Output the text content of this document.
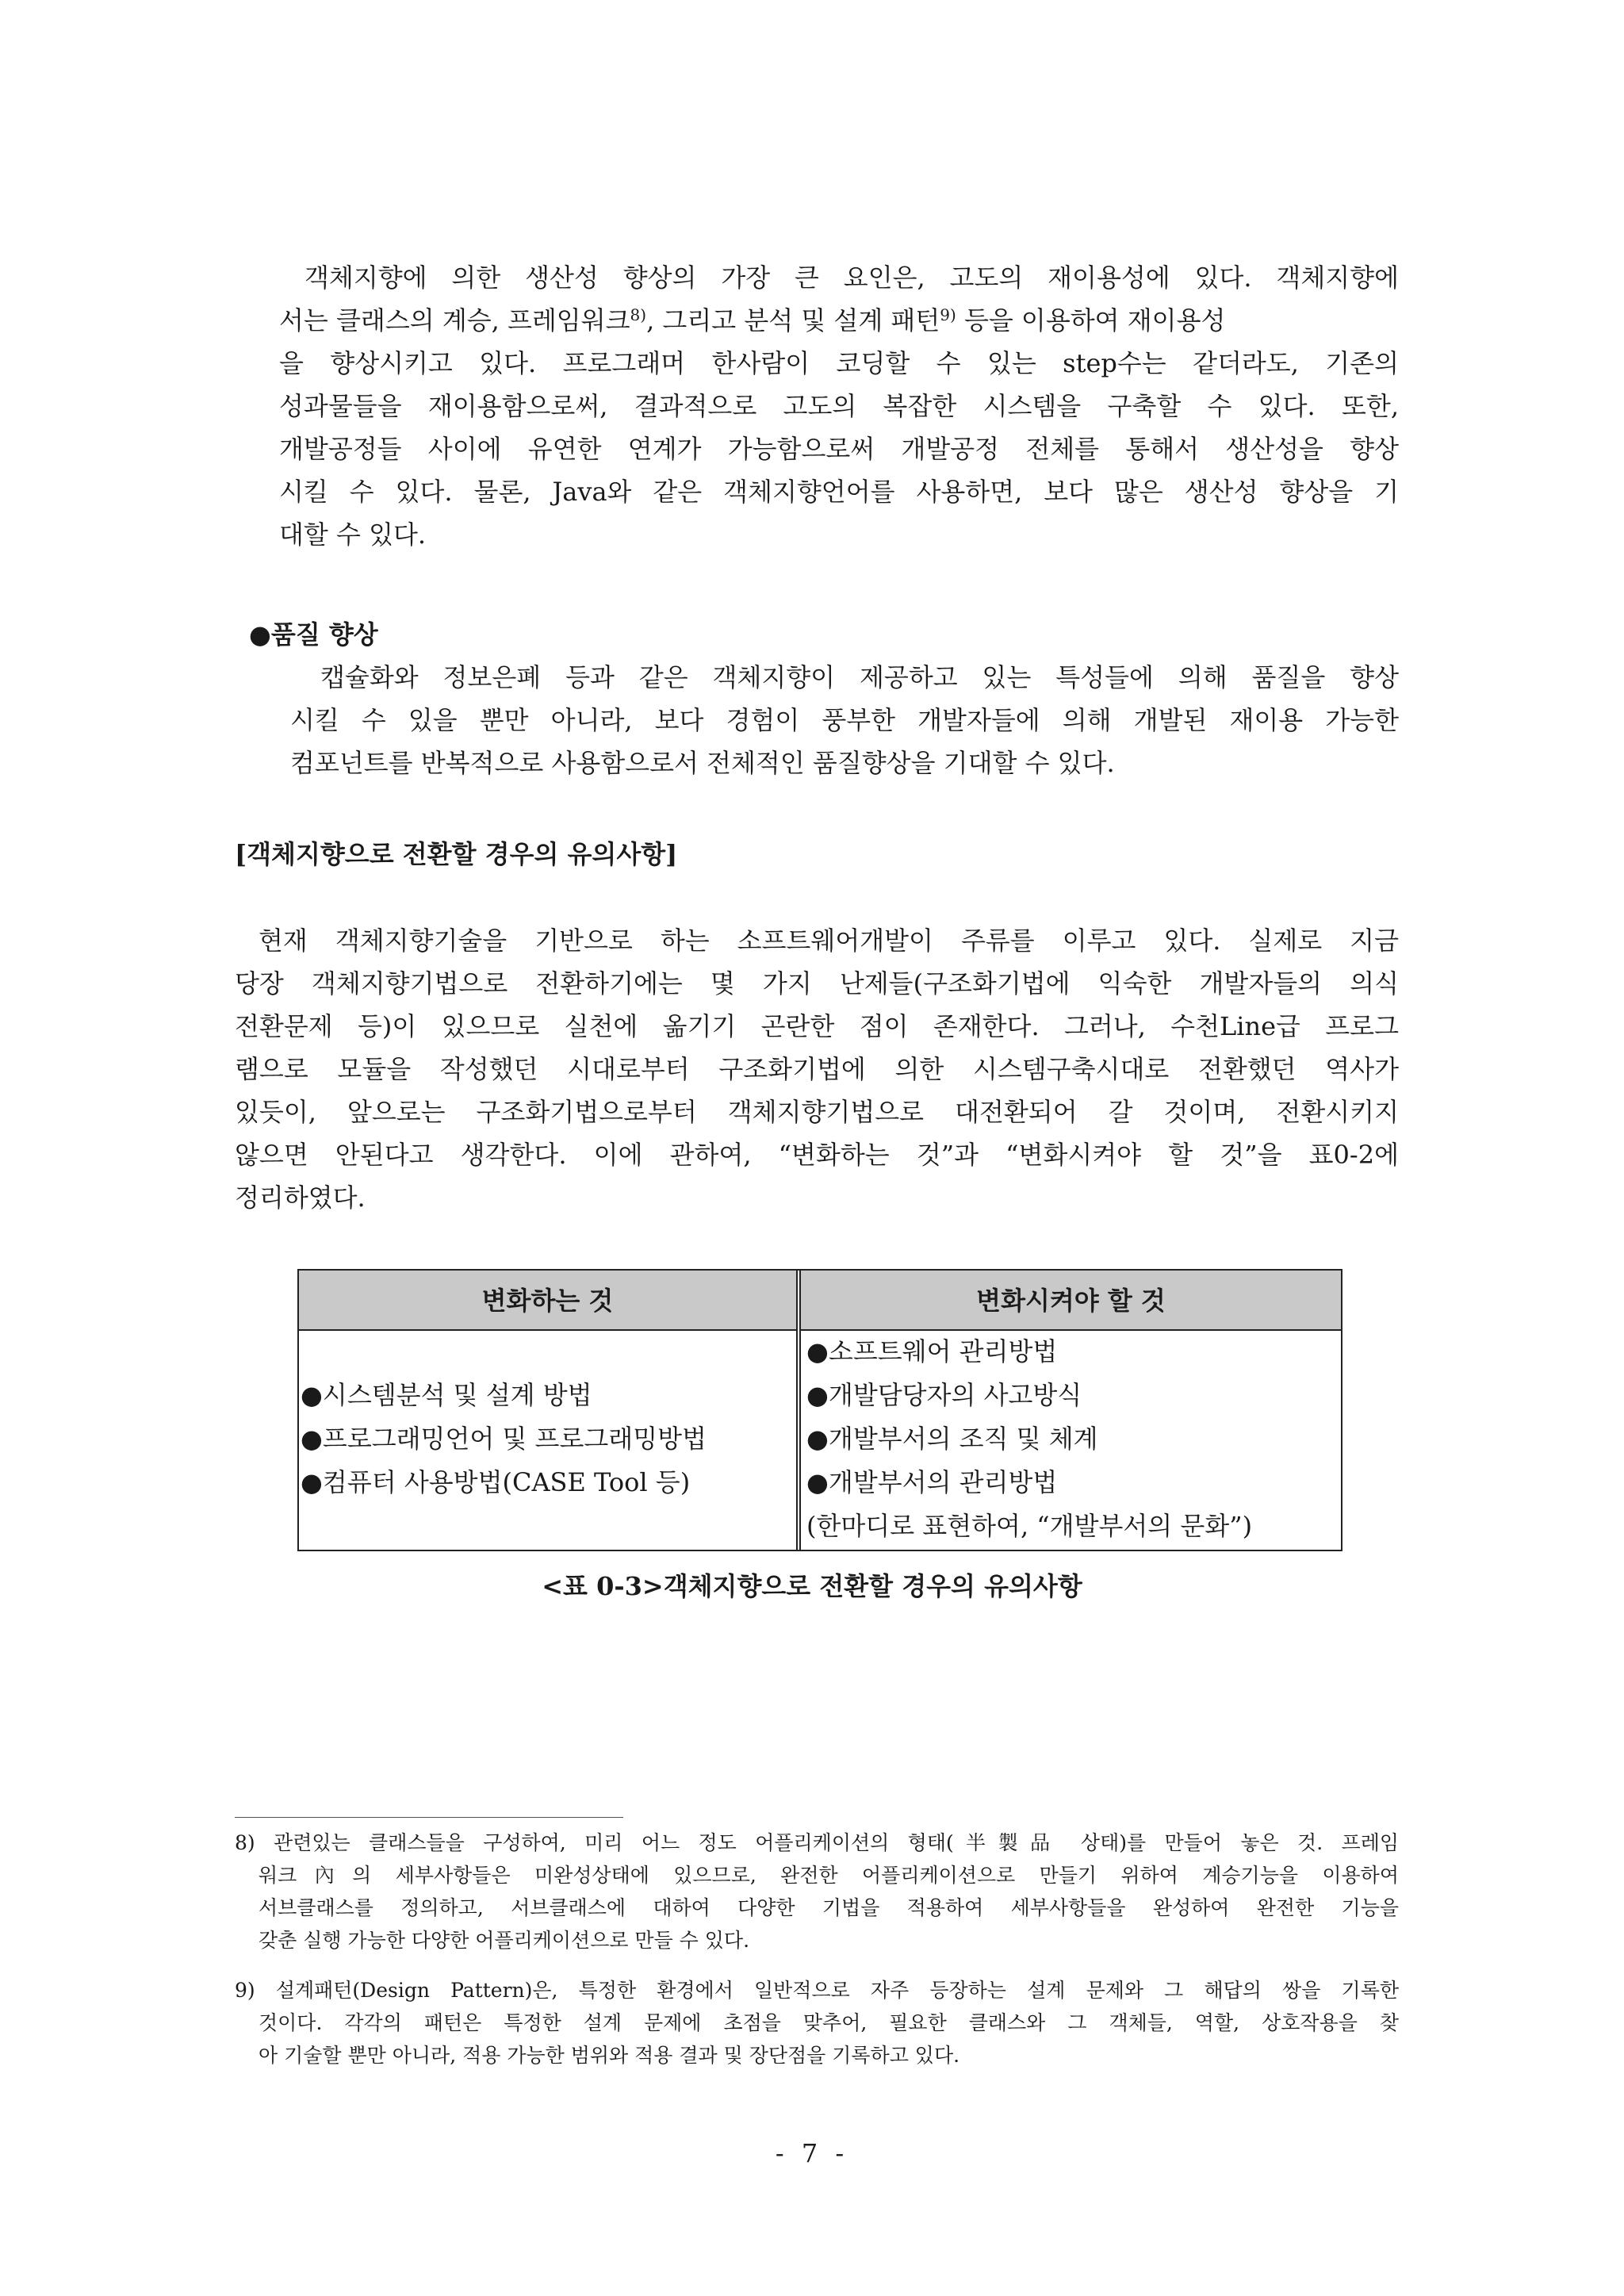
객체지향에 의한 생산성 향상의 가장 큰 요인은, 고도의 재이용성에 있다. 객체지향에
서는 클래스의 계승, 프레임워크$^{8)}$, 그리고 분석 및 설계 패턴$^{9)}$ 등을 이용하여 재이용성
을 향상시키고 있다. 프로그래머 한사람이 코딩할 수 있는 step수는 같더라도, 기존의
성과물들을 재이용함으로써, 결과적으로 고도의 복잡한 시스템을 구축할 수 있다. 또한,
개발공정들 사이에 유연한 연계가 가능함으로써 개발공정 전체를 통해서 생산성을 향상
시킬 수 있다. 물론, Java와 같은 객체지향언어를 사용하면, 보다 많은 생산성 향상을 기
대할 수 있다.
●품질 향상
캡슐화와 정보은폐 등과 같은 객체지향이 제공하고 있는 특성들에 의해 품질을 향상
시킬 수 있을 뿐만 아니라, 보다 경험이 풍부한 개발자들에 의해 개발된 재이용 가능한
컴포넌트를 반복적으로 사용함으로서 전체적인 품질향상을 기대할 수 있다.
[객체지향으로 전환할 경우의 유의사항]
현재 객체지향기술을 기반으로 하는 소프트웨어개발이 주류를 이루고 있다. 실제로 지금
당장 객체지향기법으로 전환하기에는 몇 가지 난제들(구조화기법에 익숙한 개발자들의 의식
전환문제 등)이 있으므로 실천에 옮기기 곤란한 점이 존재한다. 그러나, 수천Line급 프로그
램으로 모듈을 작성했던 시대로부터 구조화기법에 의한 시스템구축시대로 전환했던 역사가
있듯이, 앞으로는 구조화기법으로부터 객체지향기법으로 대전환되어 갈 것이며, 전환시키지
않으면 안된다고 생각한다. 이에 관하여, “변화하는 것”과 “변화시켜야 할 것”을 표0-2에
정리하였다.
변화하는 것	변화시켜야 할 것
●시스템분석 및 설계 방법
●프로그래밍언어 및 프로그래밍방법
●컴퓨터 사용방법(CASE Tool 등)
●소프트웨어 관리방법
●개발담당자의 사고방식
●개발부서의 조직 및 체계
●개발부서의 관리방법
(한마디로 표현하여, “개발부서의 문화”)
<표 0-3>객체지향으로 전환할 경우의 유의사항
8) 관련있는 클래스들을 구성하여, 미리 어느 정도 어플리케이션의 형태(半製品 상태)를 만들어 놓은 것. 프레임
워크內의 세부사항들은 미완성상태에 있으므로, 완전한 어플리케이션으로 만들기 위하여 계승기능을 이용하여
서브클래스를 정의하고, 서브클래스에 대하여 다양한 기법을 적용하여 세부사항들을 완성하여 완전한 기능을
갖춘 실행 가능한 다양한 어플리케이션으로 만들 수 있다.
9) 설계패턴(Design Pattern)은, 특정한 환경에서 일반적으로 자주 등장하는 설계 문제와 그 해답의 쌍을 기록한
것이다. 각각의 패턴은 특정한 설계 문제에 초점을 맞추어, 필요한 클래스와 그 객체들, 역할, 상호작용을 찾
아 기술할 뿐만 아니라, 적용 가능한 범위와 적용 결과 및 장단점을 기록하고 있다.
- 7 -
